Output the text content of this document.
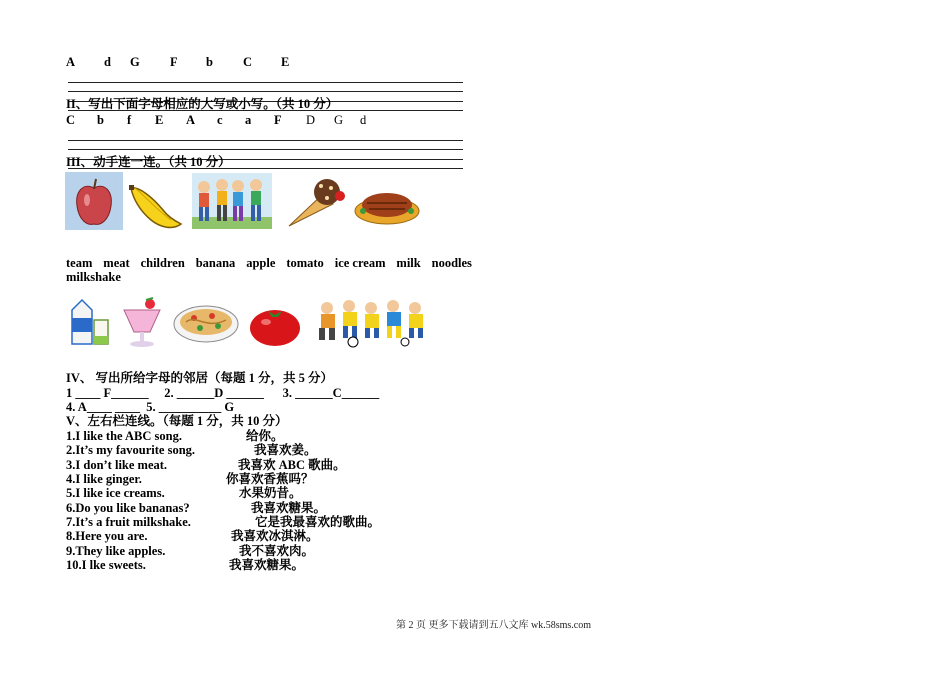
A d G F b C E
II、写出下面字母相应的大写或小写。（共 10 分）
C b f E A c a F D G d
III、动手连一连。（共 10 分）
team meat children banana apple tomato ice cream milk noodles
milkshake
IV、 写出所给字母的邻居（每题 1 分，共 5 分）
1 ____ F______     2. ______D ______      3. ______C______
4. A____ ____  5. __________ G
V、左右栏连线。（每题 1 分，共 10 分）
1.I like the ABC song.
2.It’s my favourite song.
3.I don’t like meat.
4.I like ginger.
5.I like ice creams.
6.Do you like bananas?
7.It’s a fruit milkshake.
8.Here you are.
9.They like apples.
10.I lke sweets.
给你。
我喜欢姜。
我喜欢 ABC 歌曲。
你喜欢香蕉吗？
水果奶昔。
我喜欢糖果。
它是我最喜欢的歌曲。
我喜欢冰淇淋。
我不喜欢肉。
我喜欢糖果。
第 2 页 更多下载请到五八文库 wk.58sms.com
